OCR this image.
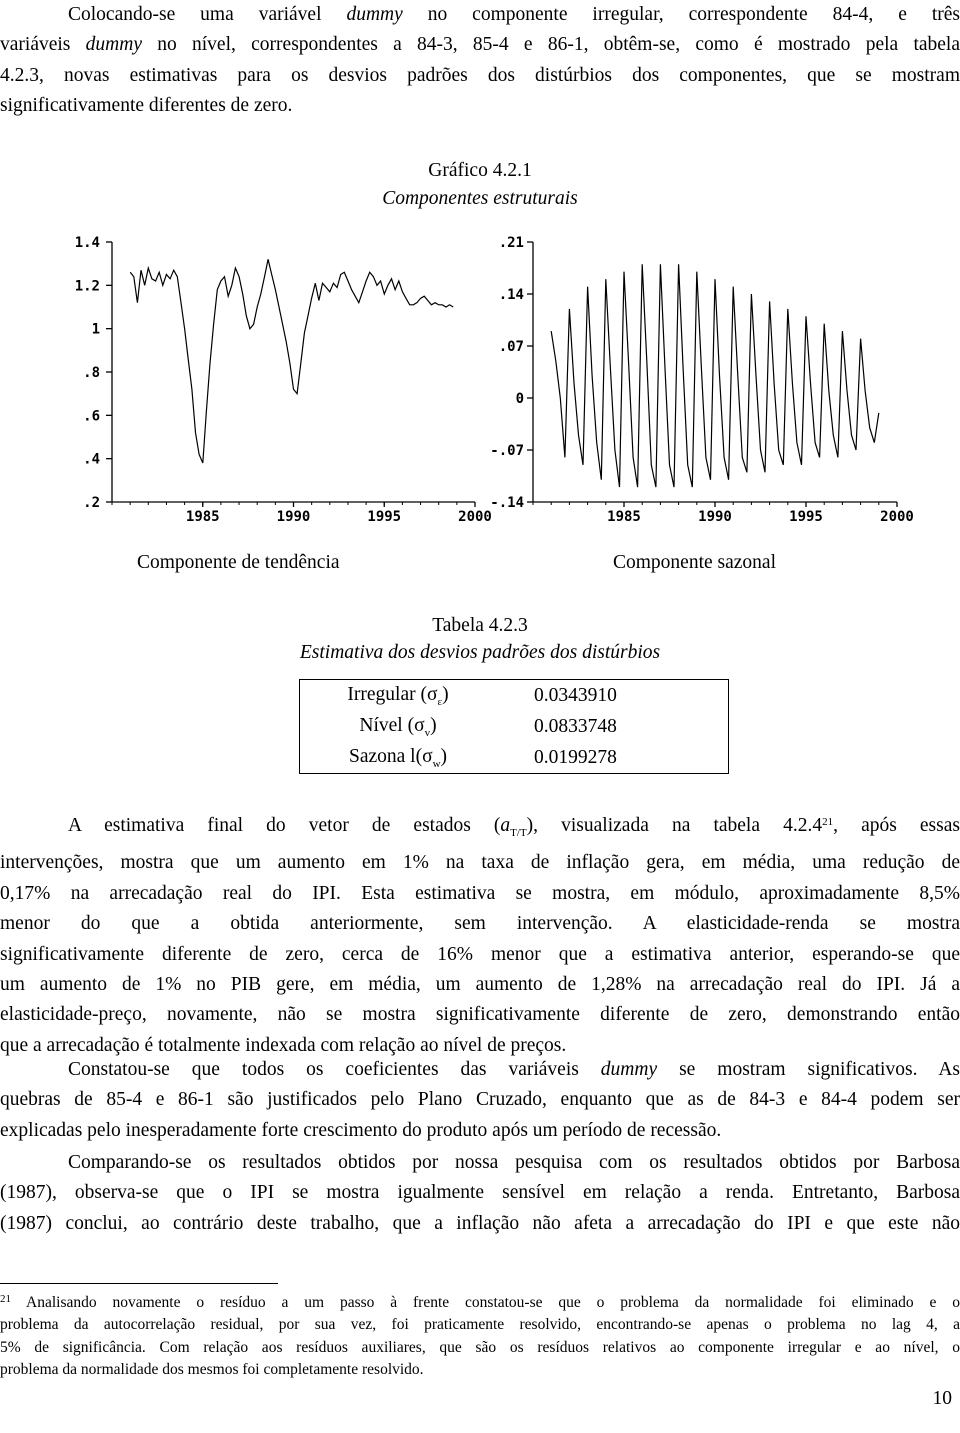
Colocando-se uma variável dummy no componente irregular, correspondente 84-4, e três
variáveis dummy no nível, correspondentes a 84-3, 85-4 e 86-1, obtêm-se, como é mostrado pela tabela
4.2.3, novas estimativas para os desvios padrões dos distúrbios dos componentes, que se mostram
significativamente diferentes de zero.
Gráfico 4.2.1
Componentes estruturais
1.4
1.2
1
.8
.6
.4
.2
1985	1990	1995	2000
.21
.14
.07
0
-.07
-.14
1985	1990	1995	2000
Componente de tendência	Componente sazonal
Tabela 4.2.3
Estimativa dos desvios padrões dos distúrbios
Irregular $(\sigma_\varepsilon)$	0.0343910
Nível $(\sigma_v)$	0.0833748
Sazona $l(\sigma_w)$	0.0199278
A estimativa final do vetor de estados $(a_{T/T})$, visualizada na tabela 4.2.4$^{21}$, após essas
intervenções, mostra que um aumento em 1% na taxa de inflação gera, em média, uma redução de
0,17% na arrecadação real do IPI. Esta estimativa se mostra, em módulo, aproximadamente 8,5%
menor do que a obtida anteriormente, sem intervenção. A elasticidade-renda se mostra
significativamente diferente de zero, cerca de 16% menor que a estimativa anterior, esperando-se que
um aumento de 1% no PIB gere, em média, um aumento de 1,28% na arrecadação real do IPI. Já a
elasticidade-preço, novamente, não se mostra significativamente diferente de zero, demonstrando então
que a arrecadação é totalmente indexada com relação ao nível de preços.
Constatou-se que todos os coeficientes das variáveis dummy se mostram significativos. As
quebras de 85-4 e 86-1 são justificados pelo Plano Cruzado, enquanto que as de 84-3 e 84-4 podem ser
explicadas pelo inesperadamente forte crescimento do produto após um período de recessão.
Comparando-se os resultados obtidos por nossa pesquisa com os resultados obtidos por Barbosa
(1987), observa-se que o IPI se mostra igualmente sensível em relação a renda. Entretanto, Barbosa
(1987) conclui, ao contrário deste trabalho, que a inflação não afeta a arrecadação do IPI e que este não
$^{21}$ Analisando novamente o resíduo a um passo à frente constatou-se que o problema da normalidade foi eliminado e o
problema da autocorrelação residual, por sua vez, foi praticamente resolvido, encontrando-se apenas o problema no lag 4, a
5% de significância. Com relação aos resíduos auxiliares, que são os resíduos relativos ao componente irregular e ao nível, o
problema da normalidade dos mesmos foi completamente resolvido.
10
